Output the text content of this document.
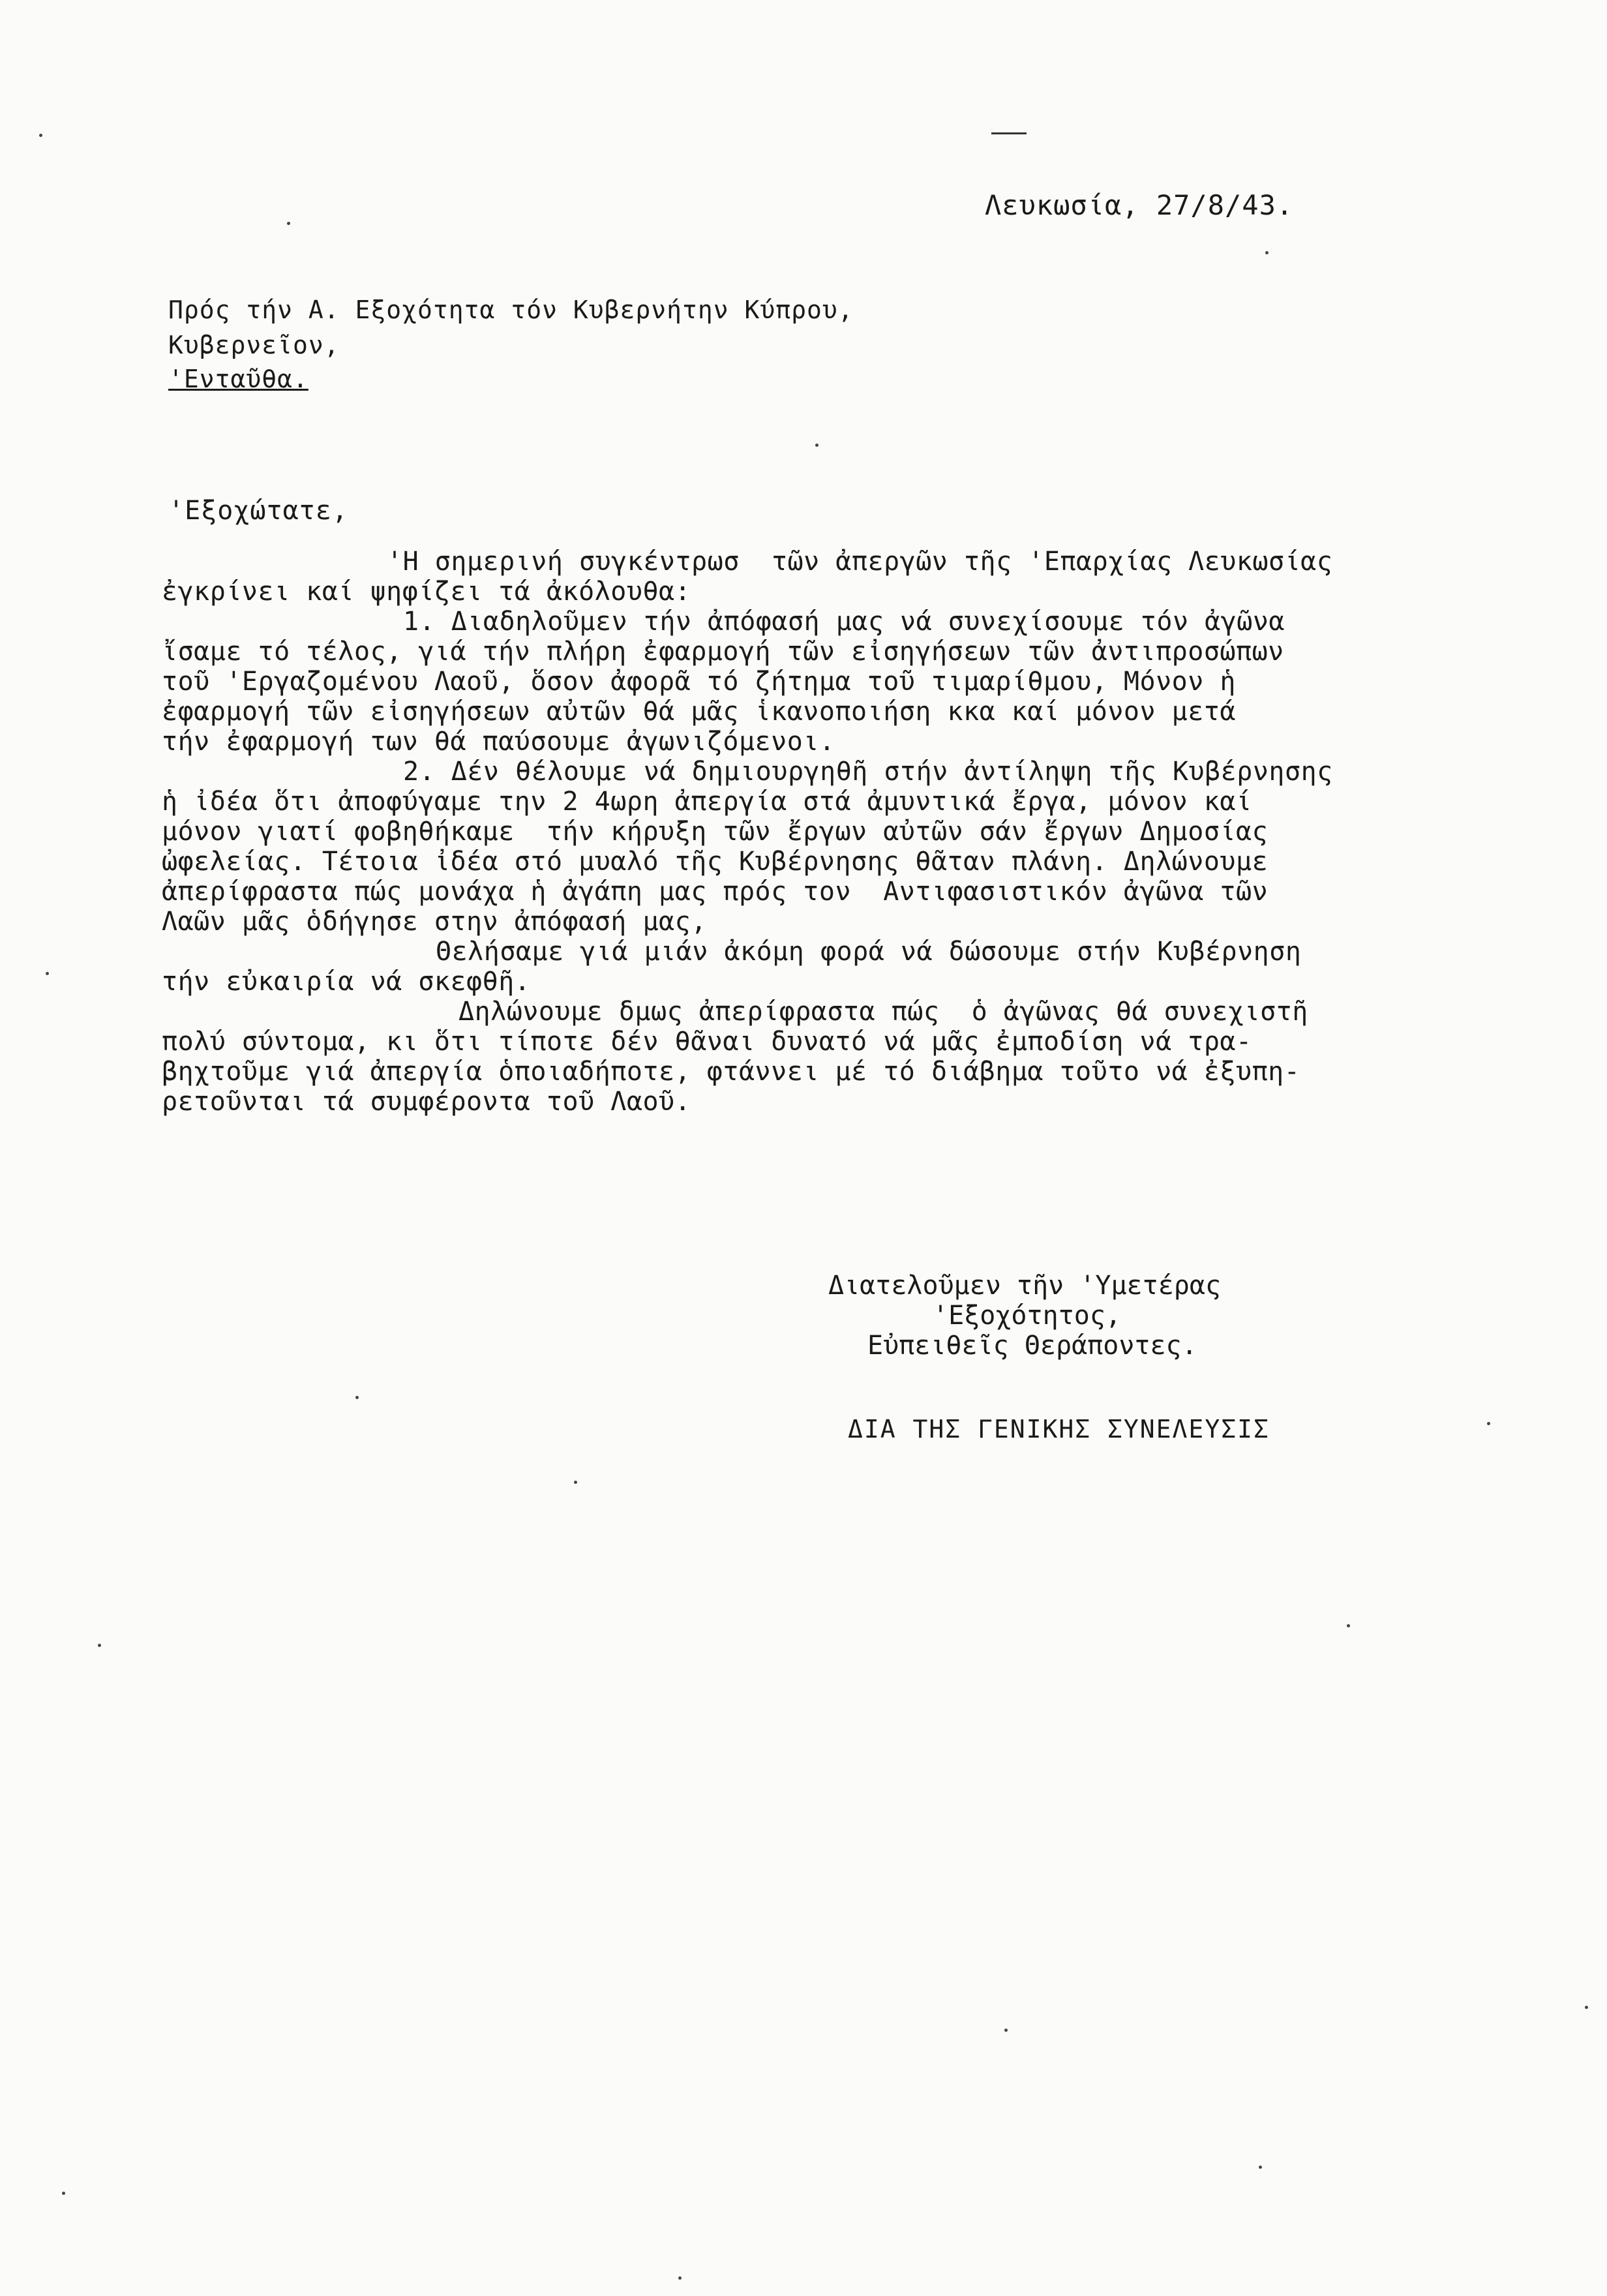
Λευκωσία, 27/8/43.
Πρός τήν Α. Εξοχότητα τόν Κυβερνήτην Κύπρου,
Κυβερνεῖον,
'Ενταῦθα.
'Εξοχώτατε,
'Η σημερινή συγκέντρωσ  τῶν ἀπεργῶν τῆς 'Επαρχίας Λευκωσίας
ἐγκρίνει καί ψηφίζει τά ἀκόλουθα:
1. Διαδηλοῦμεν τήν ἀπόφασή μας νά συνεχίσουμε τόν ἀγῶνα
ἴσαμε τό τέλος, γιά τήν πλήρη ἐφαρμογή τῶν εἰσηγήσεων τῶν ἀντιπροσώπων
τοῦ 'Εργαζομένου Λαοῦ, ὅσον ἀφορᾶ τό ζήτημα τοῦ τιμαρίθμου, Μόνον ἡ
ἐφαρμογή τῶν εἰσηγήσεων αὐτῶν θά μᾶς ἱκανοποιήση κκα καί μόνον μετά
τήν ἐφαρμογή των θά παύσουμε ἀγωνιζόμενοι.
2. Δέν θέλουμε νά δημιουργηθῆ στήν ἀντίληψη τῆς Κυβέρνησης
ἡ ἰδέα ὅτι ἀποφύγαμε την 2 4ωρη ἀπεργία στά ἀμυντικά ἔργα, μόνον καί
μόνον γιατί φοβηθήκαμε  τήν κήρυξη τῶν ἔργων αὐτῶν σάν ἔργων Δημοσίας
ὠφελείας. Τέτοια ἰδέα στό μυαλό τῆς Κυβέρνησης θᾶταν πλάνη. Δηλώνουμε
ἀπερίφραστα πώς μονάχα ἡ ἀγάπη μας πρός τον  Αντιφασιστικόν ἀγῶνα τῶν
Λαῶν μᾶς ὁδήγησε στην ἀπόφασή μας,
Θελήσαμε γιά μιάν ἀκόμη φορά νά δώσουμε στήν Κυβέρνηση
τήν εὐκαιρία νά σκεφθῆ.
Δηλώνουμε δμως ἀπερίφραστα πώς  ὁ ἀγῶνας θά συνεχιστῆ
πολύ σύντομα, κι ὅτι τίποτε δέν θᾶναι δυνατό νά μᾶς ἐμποδίση νά τρα-
βηχτοῦμε γιά ἀπεργία ὁποιαδήποτε, φτάννει μέ τό διάβημα τοῦτο νά ἐξυπη-
ρετοῦνται τά συμφέροντα τοῦ Λαοῦ.
Διατελοῦμεν τῆν 'Υμετέρας
'Εξοχότητος,
Εὐπειθεῖς Θεράποντες.
ΔΙΑ ΤΗΣ ΓΕΝΙΚΗΣ ΣΥΝΕΛΕΥΣΙΣ
